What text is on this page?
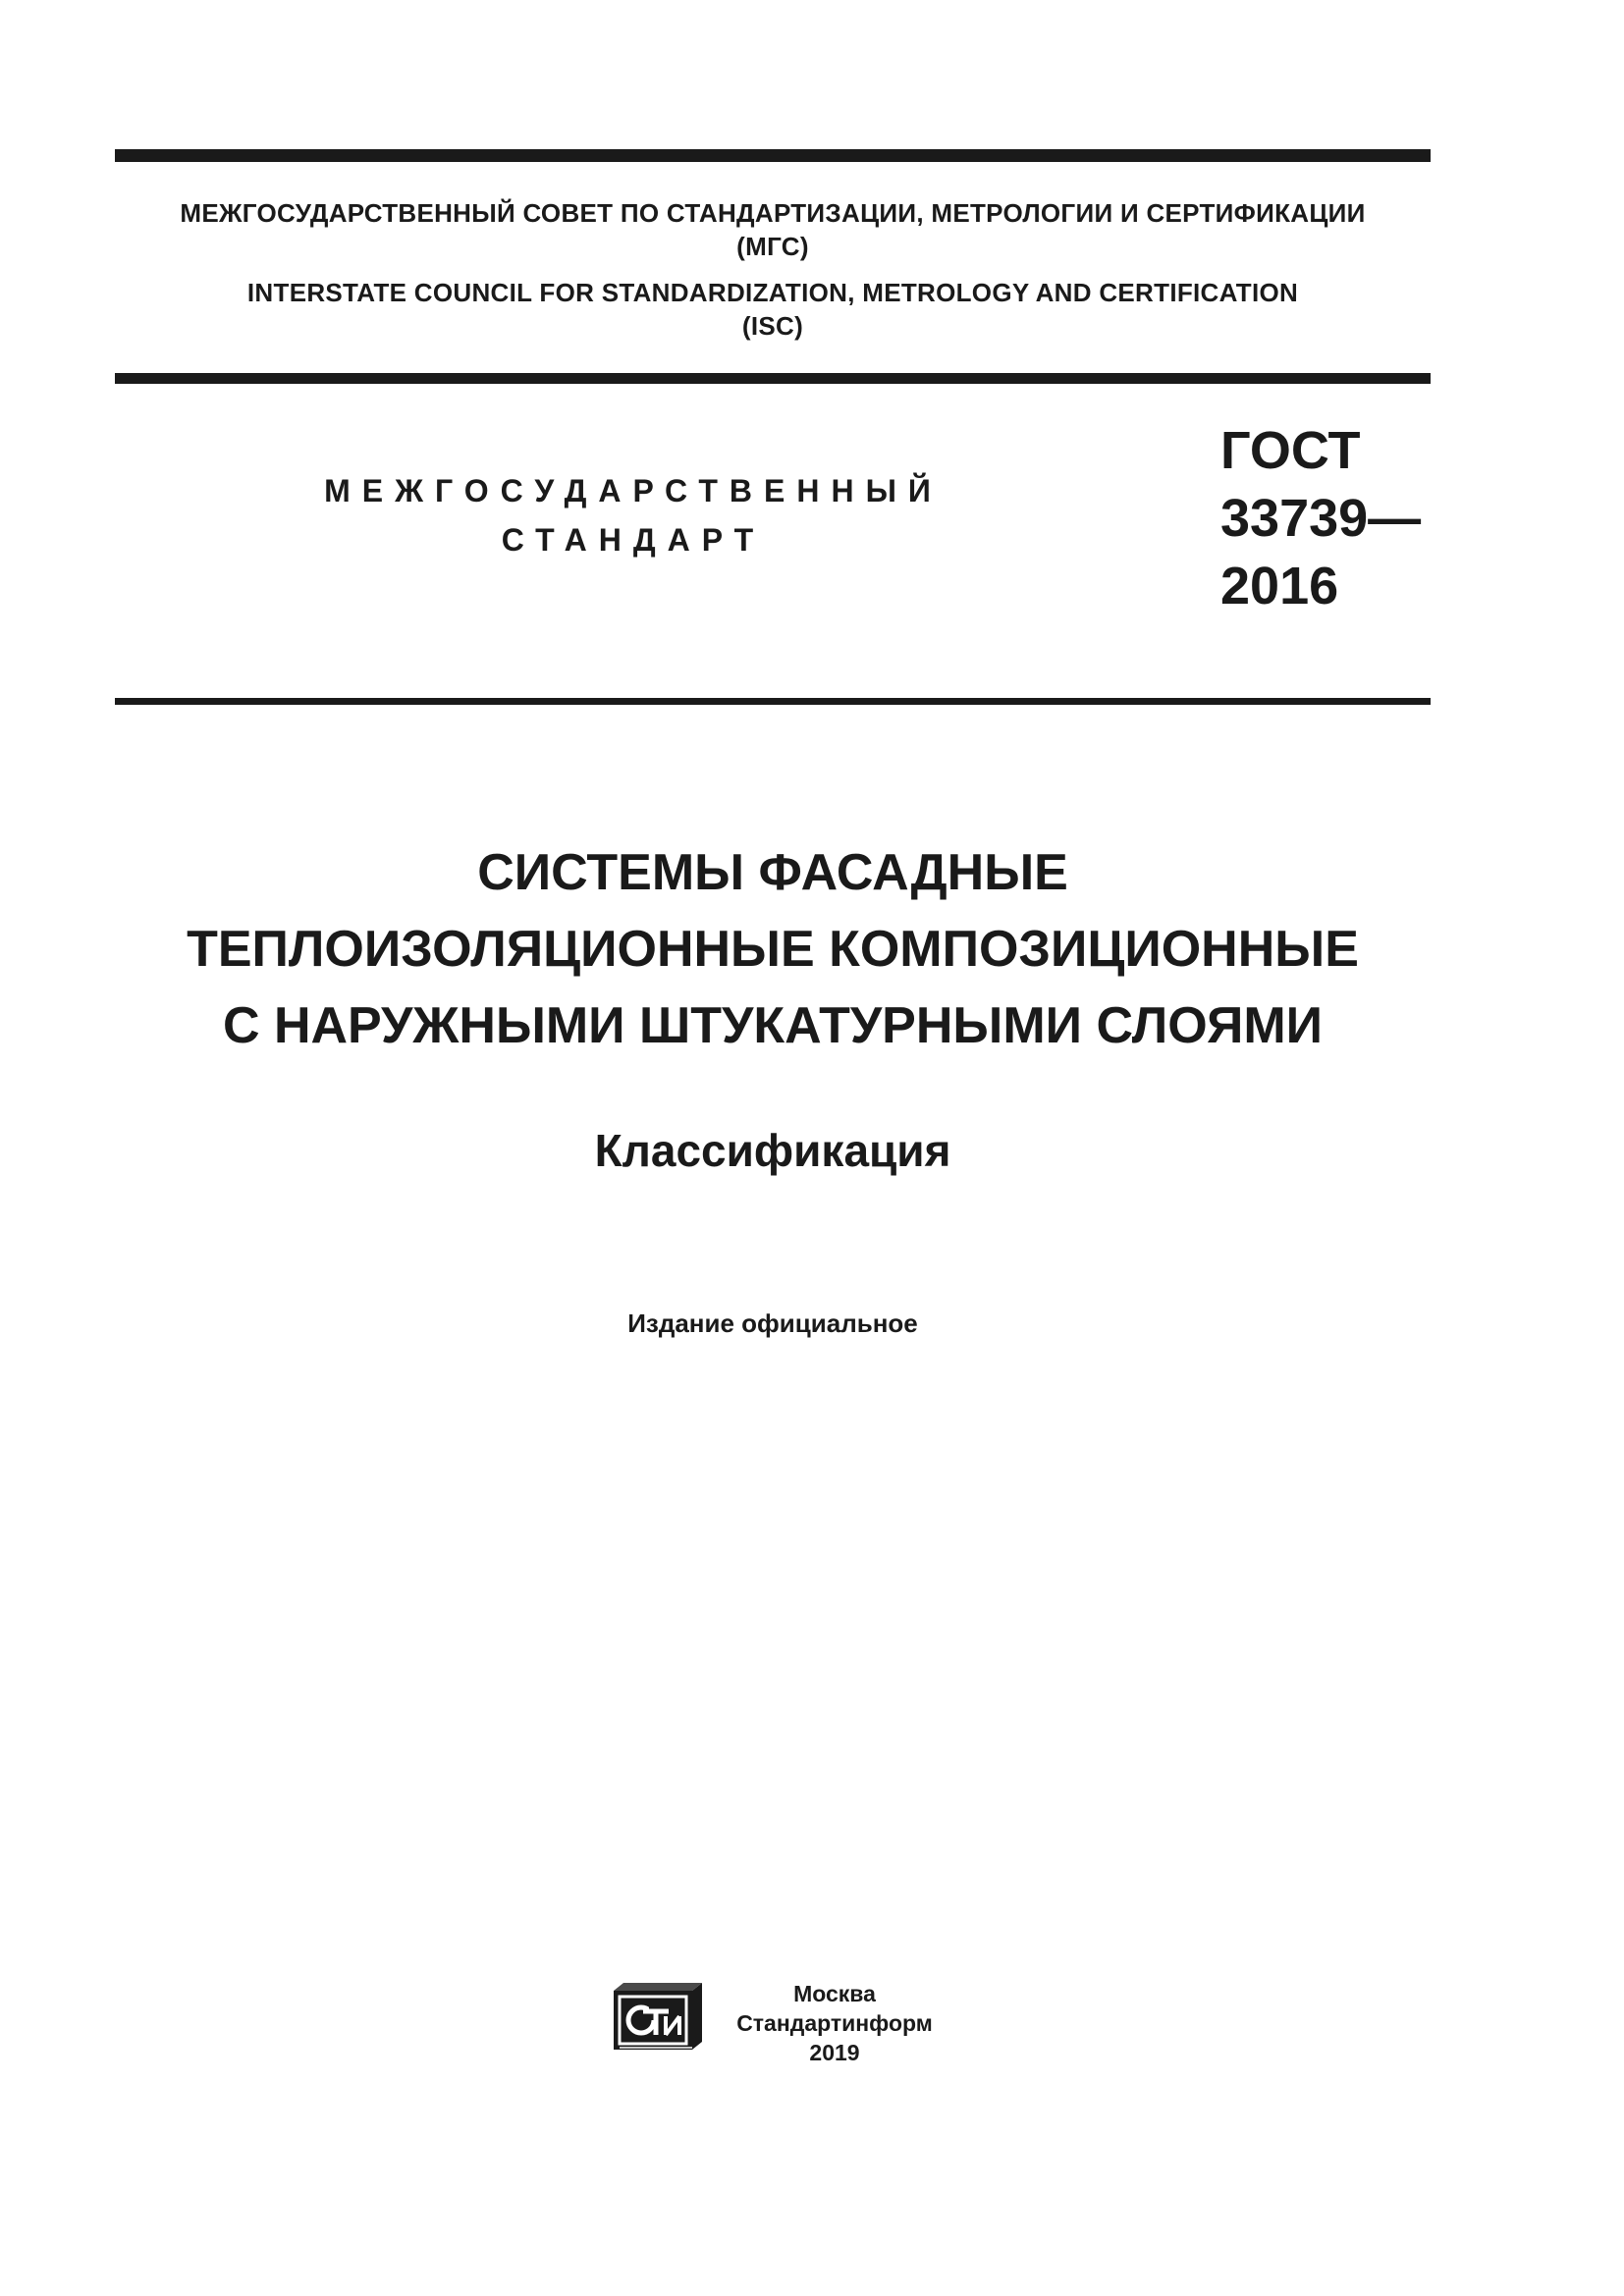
МЕЖГОСУДАРСТВЕННЫЙ СОВЕТ ПО СТАНДАРТИЗАЦИИ, МЕТРОЛОГИИ И СЕРТИФИКАЦИИ
(МГС)
INTERSTATE COUNCIL FOR STANDARDIZATION, METROLOGY AND CERTIFICATION
(ISC)
МЕЖГОСУДАРСТВЕННЫЙ
СТАНДАРТ
ГОСТ
33739—
2016
СИСТЕМЫ ФАСАДНЫЕ
ТЕПЛОИЗОЛЯЦИОННЫЕ КОМПОЗИЦИОННЫЕ
С НАРУЖНЫМИ ШТУКАТУРНЫМИ СЛОЯМИ
Классификация
Издание официальное
Москва
Стандартинформ
2019
